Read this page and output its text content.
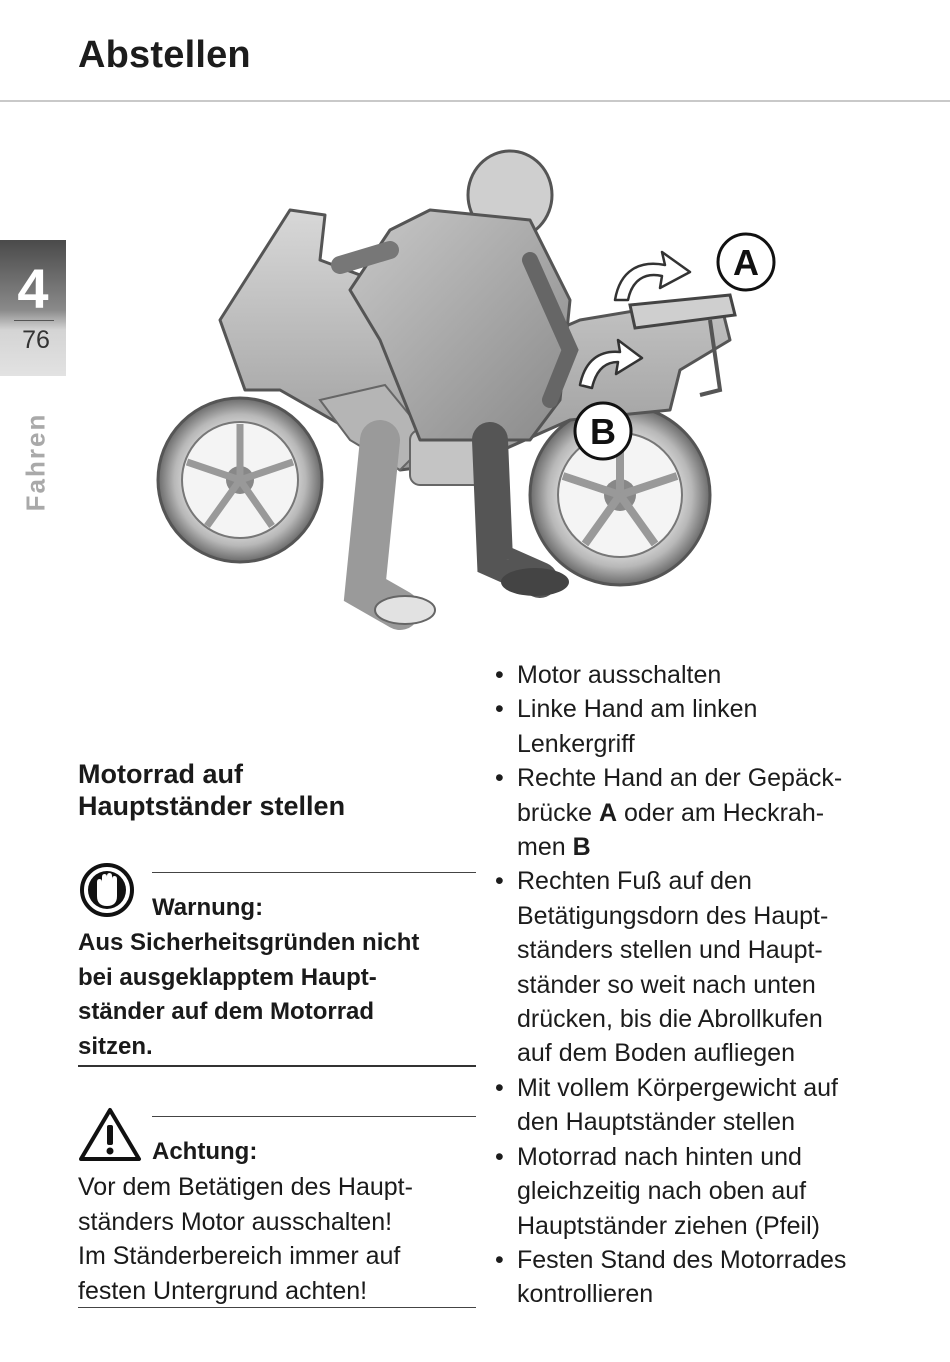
Abstellen
4
76
Fahren
A
B
Motorrad auf
Hauptständer stellen
Warnung:
Aus Sicherheitsgründen nicht
bei ausgeklapptem Haupt-
ständer auf dem Motorrad
sitzen.
Achtung:
Vor dem Betätigen des Haupt-
ständers Motor ausschalten!
Im Ständerbereich immer auf
festen Untergrund achten!
• Motor ausschalten
• Linke Hand am linken
Lenkergriff
• Rechte Hand an der Gepäck-
brücke A oder am Heckrah-
men B
• Rechten Fuß auf den
Betätigungsdorn des Haupt-
ständers stellen und Haupt-
ständer so weit nach unten
drücken, bis die Abrollkufen
auf dem Boden aufliegen
• Mit vollem Körpergewicht auf
den Hauptständer stellen
• Motorrad nach hinten und
gleichzeitig nach oben auf
Hauptständer ziehen (Pfeil)
• Festen Stand des Motorrades
kontrollieren
